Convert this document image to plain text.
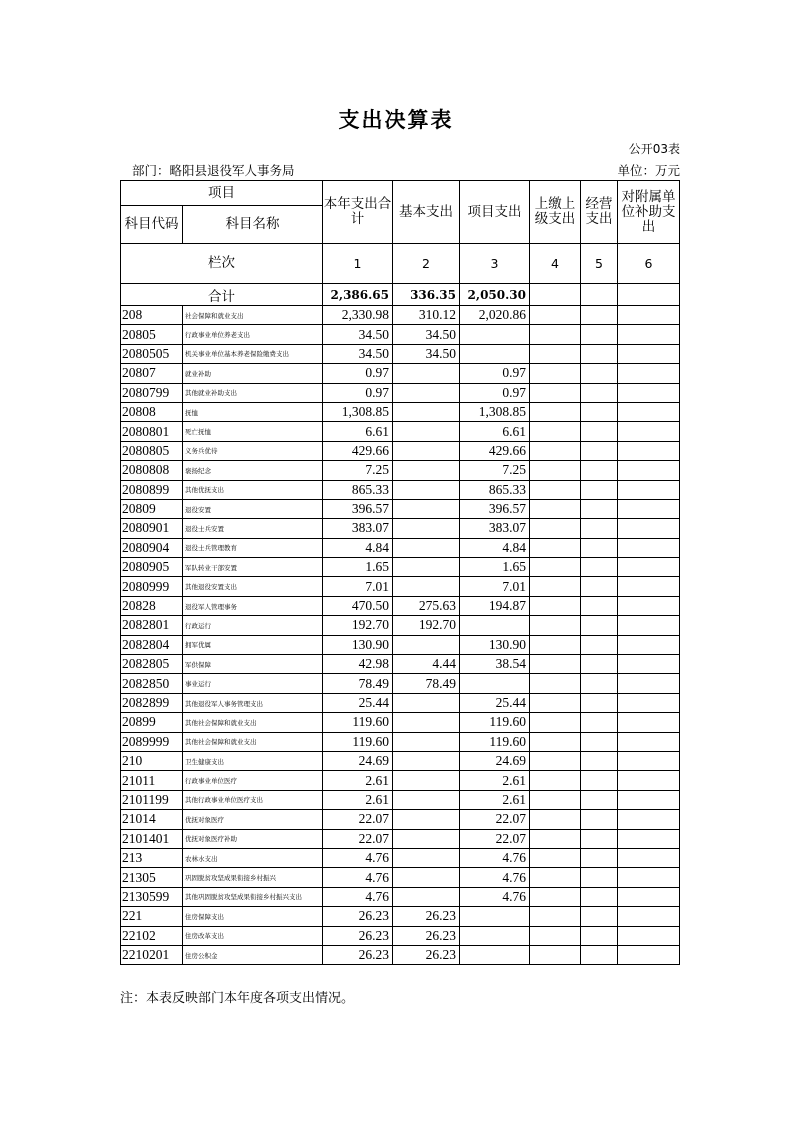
支出决算表
公开03表
部门：略阳县退役军人事务局	单位：万元
项目		本年支出合计	基本支出	项目支出	上缴上级支出	经营支出	对附属单位补助支出
科目代码	科目名称						
栏次		1	2	3	4	5	6
合计		2,386.65	336.35	2,050.30			
208	社会保障和就业支出	2,330.98	310.12	2,020.86			
20805	行政事业单位养老支出	34.50	34.50				
2080505	机关事业单位基本养老保险缴费支出	34.50	34.50				
20807	就业补助	0.97		0.97			
2080799	其他就业补助支出	0.97		0.97			
20808	抚恤	1,308.85		1,308.85			
2080801	死亡抚恤	6.61		6.61			
2080805	义务兵优待	429.66		429.66			
2080808	褒扬纪念	7.25		7.25			
2080899	其他优抚支出	865.33		865.33			
20809	退役安置	396.57		396.57			
2080901	退役士兵安置	383.07		383.07			
2080904	退役士兵管理教育	4.84		4.84			
2080905	军队转业干部安置	1.65		1.65			
2080999	其他退役安置支出	7.01		7.01			
20828	退役军人管理事务	470.50	275.63	194.87			
2082801	行政运行	192.70	192.70				
2082804	拥军优属	130.90		130.90			
2082805	军供保障	42.98	4.44	38.54			
2082850	事业运行	78.49	78.49				
2082899	其他退役军人事务管理支出	25.44		25.44			
20899	其他社会保障和就业支出	119.60		119.60			
2089999	其他社会保障和就业支出	119.60		119.60			
210	卫生健康支出	24.69		24.69			
21011	行政事业单位医疗	2.61		2.61			
2101199	其他行政事业单位医疗支出	2.61		2.61			
21014	优抚对象医疗	22.07		22.07			
2101401	优抚对象医疗补助	22.07		22.07			
213	农林水支出	4.76		4.76			
21305	巩固脱贫攻坚成果衔接乡村振兴	4.76		4.76			
2130599	其他巩固脱贫攻坚成果衔接乡村振兴支出	4.76		4.76			
221	住房保障支出	26.23	26.23				
22102	住房改革支出	26.23	26.23				
2210201	住房公积金	26.23	26.23				
注：本表反映部门本年度各项支出情况。
